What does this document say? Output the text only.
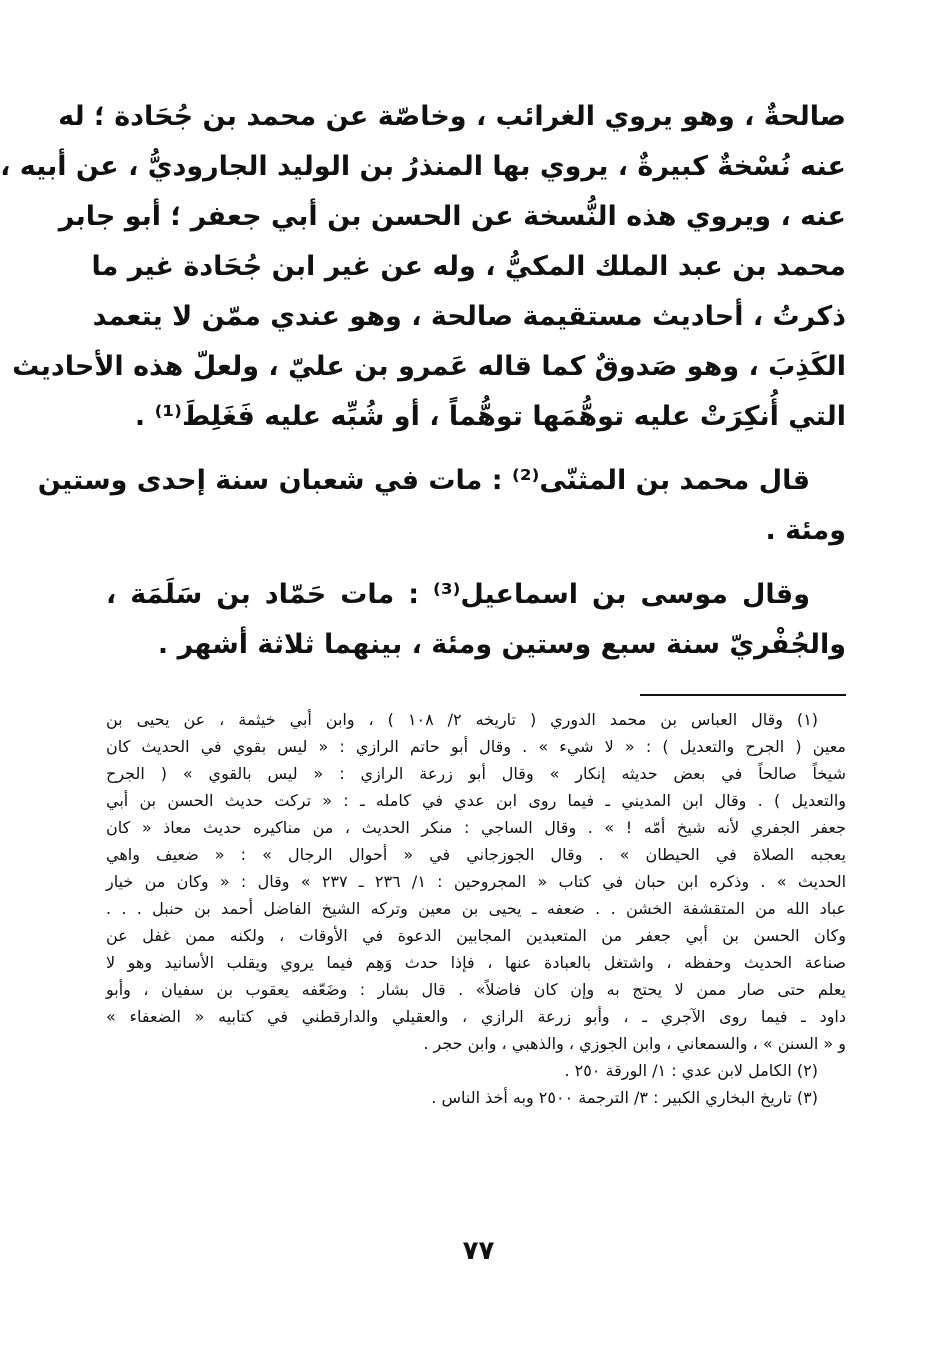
صالحةٌ ، وهو يروي الغرائب ، وخاصّة عن محمد بن جُحَادة ؛ له
عنه نُسْخةٌ كبيرةٌ ، يروي بها المنذرُ بن الوليد الجاروديُّ ، عن أبيه ،
عنه ، ويروي هذه النُّسخة عن الحسن بن أبي جعفر ؛ أبو جابر
محمد بن عبد الملك المكيُّ ، وله عن غير ابن جُحَادة غير ما
ذكرتُ ، أحاديث مستقيمة صالحة ، وهو عندي ممّن لا يتعمد
الكَذِبَ ، وهو صَدوقٌ كما قاله عَمرو بن عليّ ، ولعلّ هذه الأحاديث
التي أُنكِرَتْ عليه توهُّمَها توهُّماً ، أو شُبِّه عليه فَغَلِطَ⁽¹⁾ .
قال محمد بن المثنّى⁽²⁾ : مات في شعبان سنة إحدى وستين
ومئة .
وقال موسى بن اسماعيل⁽³⁾ : مات حَمّاد بن سَلَمَة ،
والجُفْريّ سنة سبع وستين ومئة ، بينهما ثلاثة أشهر .
(١) وقال العباس بن محمد الدوري ( تاريخه ٢/ ١٠٨ ) ، وابن أبي خيثمة ، عن يحيى بن
معين ( الجرح والتعديل ) : « لا شيء » . وقال أبو حاتم الرازي : « ليس بقوي في الحديث كان
شيخاً صالحاً في بعض حديثه إنكار » وقال أبو زرعة الرازي : « ليس بالقوي » ( الجرح
والتعديل ) . وقال ابن المديني ـ فيما روى ابن عدي في كامله ـ : « تركت حديث الحسن بن أبي
جعفر الجفري لأنه شيخ أمّه ! » . وقال الساجي : منكر الحديث ، من مناكيره حديث معاذ « كان
يعجبه الصلاة في الحيطان » . وقال الجوزجاني في « أحوال الرجال » : « ضعيف واهي
الحديث » . وذكره ابن حبان في كتاب « المجروحين : ١/ ٢٣٦ ـ ٢٣٧ » وقال : « وكان من خيار
عباد الله من المتقشفة الخشن . . ضعفه ـ يحيى بن معين وتركه الشيخ الفاضل أحمد بن حنبل . . .
وكان الحسن بن أبي جعفر من المتعبدين المجابين الدعوة في الأوقات ، ولكنه ممن غفل عن
صناعة الحديث وحفظه ، واشتغل بالعبادة عنها ، فإذا حدث وَهِم فيما يروي ويقلب الأسانيد وهو لا
يعلم حتى صار ممن لا يحتج به وإن كان فاضلاً» . قال بشار : وضَعّفه يعقوب بن سفيان ، وأبو
داود ـ فيما روى الآجري ـ ، وأبو زرعة الرازي ، والعقيلي والدارقطني في كتابيه « الضعفاء »
و « السنن » ، والسمعاني ، وابن الجوزي ، والذهبي ، وابن حجر .
(٢) الكامل لابن عدي : ١/ الورقة ٢٥٠ .
(٣) تاريخ البخاري الكبير : ٣/ الترجمة ٢٥٠٠ وبه أخذ الناس .
٧٧
